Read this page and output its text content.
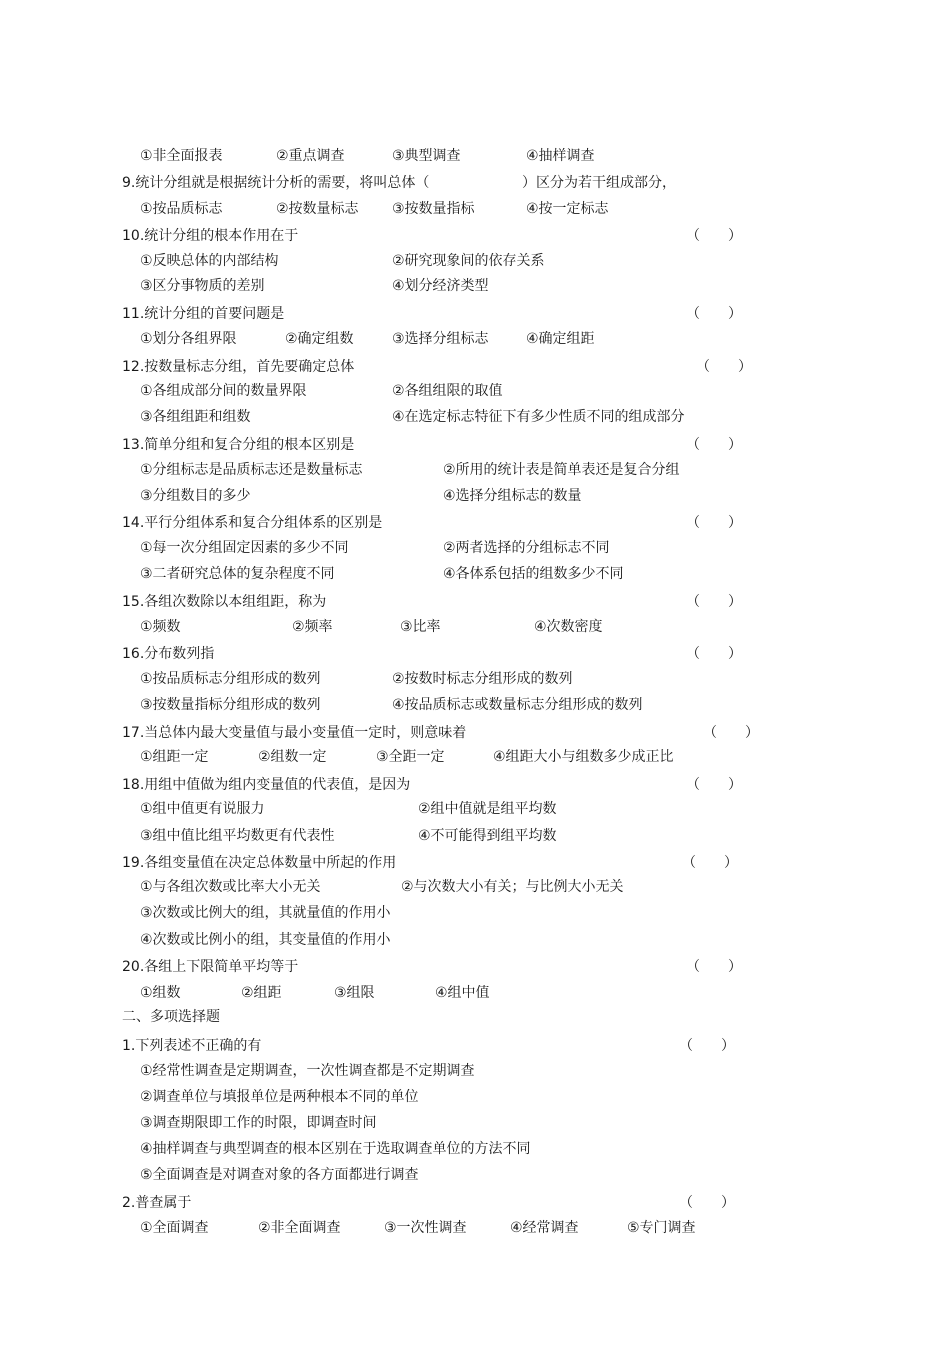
①非全面报表	②重点调查	③典型调查	④抽样调查
9.统计分组就是根据统计分析的需要，将叫总体（	）区分为若干组成部分，
①按品质标志	②按数量标志 ③按数量指标	④按一定标志
10.统计分组的根本作用在于	（　　）
①反映总体的内部结构	②研究现象间的依存关系
③区分事物质的差别	④划分经济类型
11.统计分组的首要问题是	（　　）
①划分各组界限	②确定组数	③选择分组标志	④确定组距
12.按数量标志分组，首先要确定总体	（　　）
①各组成部分间的数量界限	②各组组限的取值
③各组组距和组数	④在选定标志特征下有多少性质不同的组成部分
13.简单分组和复合分组的根本区别是	（　　）
①分组标志是品质标志还是数量标志	②所用的统计表是简单表还是复合分组
③分组数目的多少	④选择分组标志的数量
14.平行分组体系和复合分组体系的区别是	（　　）
①每一次分组固定因素的多少不同	②两者选择的分组标志不同
③二者研究总体的复杂程度不同	④各体系包括的组数多少不同
15.各组次数除以本组组距，称为	（　　）
①频数	②频率	③比率	④次数密度
16.分布数列指	（　　）
①按品质标志分组形成的数列	②按数时标志分组形成的数列
③按数量指标分组形成的数列	④按品质标志或数量标志分组形成的数列
17.当总体内最大变量值与最小变量值一定时，则意味着	（　　）
①组距一定	②组数一定	③全距一定	④组距大小与组数多少成正比
18.用组中值做为组内变量值的代表值，是因为	（　　）
①组中值更有说服力	②组中值就是组平均数
③组中值比组平均数更有代表性	④不可能得到组平均数
19.各组变量值在决定总体数量中所起的作用	（　　）
①与各组次数或比率大小无关	②与次数大小有关；与比例大小无关
③次数或比例大的组，其就量值的作用小
④次数或比例小的组，其变量值的作用小
20.各组上下限简单平均等于	（　　）
①组数	②组距	③组限	④组中值
二、多项选择题
1.下列表述不正确的有	（　　）
①经常性调查是定期调查，一次性调查都是不定期调查
②调查单位与填报单位是两种根本不同的单位
③调查期限即工作的时限，即调查时间
④抽样调查与典型调查的根本区别在于选取调查单位的方法不同
⑤全面调查是对调查对象的各方面都进行调查
2.普查属于	（　　）
①全面调查	②非全面调查	③一次性调查	④经常调查	⑤专门调查
